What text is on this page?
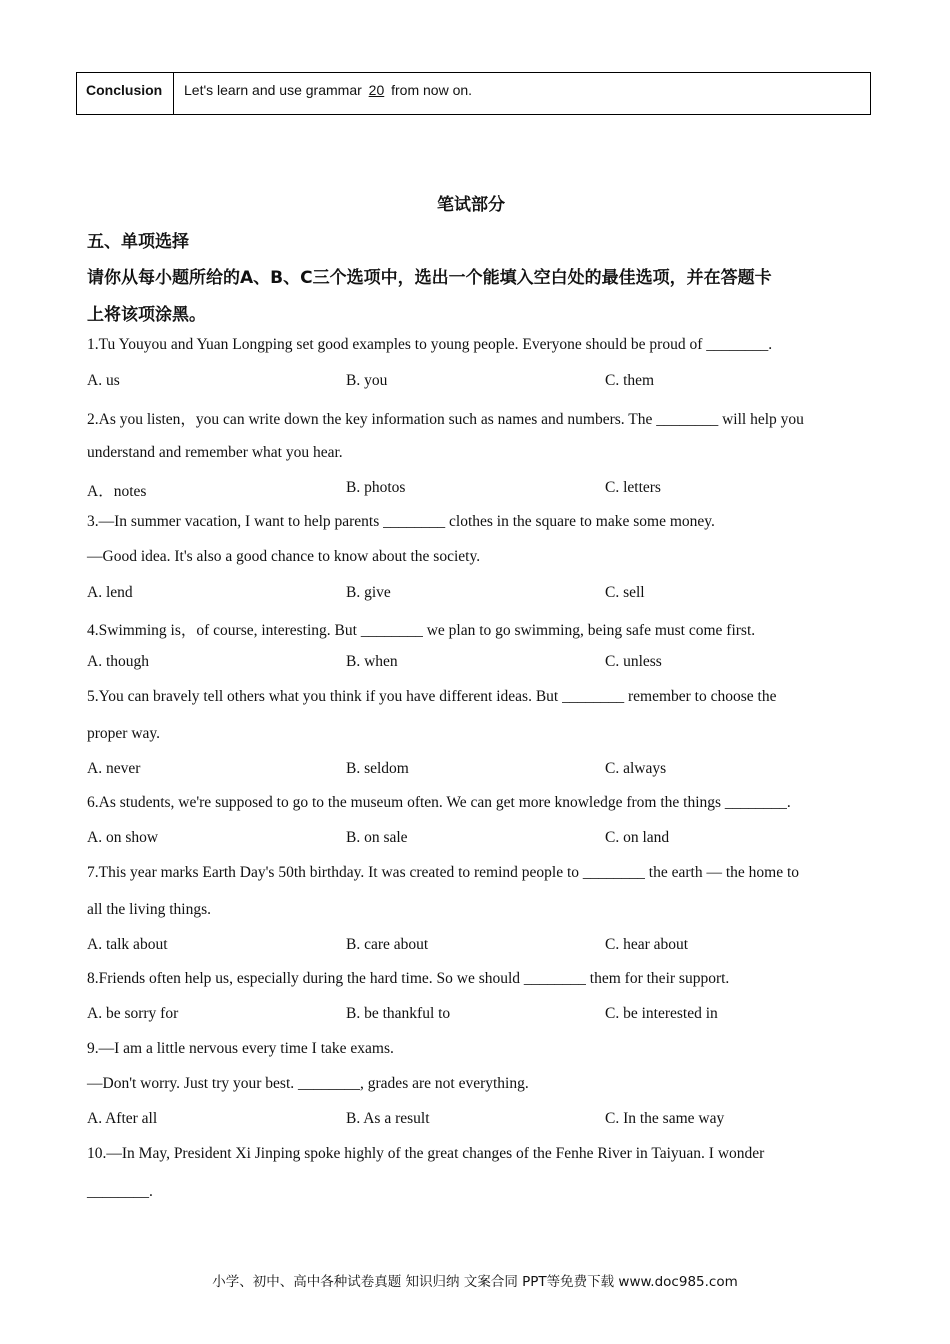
Conclusion	Let's learn and use grammar 20 from now on.
笔试部分
五、单项选择
请你从每小题所给的A、B、C三个选项中，选出一个能填入空白处的最佳选项，并在答题卡
上将该项涂黑。
1.Tu Youyou and Yuan Longping set good examples to young people. Everyone should be proud of ________.
A. us	B. you	C. them
2.As you listen，you can write down the key information such as names and numbers. The ________ will help you
understand and remember what you hear.
A．notes	B. photos	C. letters
3.—In summer vacation, I want to help parents ________ clothes in the square to make some money.
—Good idea. It's also a good chance to know about the society.
A. lend	B. give	C. sell
4.Swimming is，of course, interesting. But ________ we plan to go swimming, being safe must come first.
A. though	B. when	C. unless
5.You can bravely tell others what you think if you have different ideas. But ________ remember to choose the
proper way.
A. never	B. seldom	C. always
6.As students, we're supposed to go to the museum often. We can get more knowledge from the things ________.
A. on show	B. on sale	C. on land
7.This year marks Earth Day's 50th birthday. It was created to remind people to ________ the earth — the home to
all the living things.
A. talk about	B. care about	C. hear about
8.Friends often help us, especially during the hard time. So we should ________ them for their support.
A. be sorry for	B. be thankful to	C. be interested in
9.—I am a little nervous every time I take exams.
—Don't worry. Just try your best. ________, grades are not everything.
A. After all	B. As a result	C. In the same way
10.—In May, President Xi Jinping spoke highly of the great changes of the Fenhe River in Taiyuan. I wonder
________.
小学、初中、高中各种试卷真题 知识归纳 文案合同 PPT等免费下载 www.doc985.com
